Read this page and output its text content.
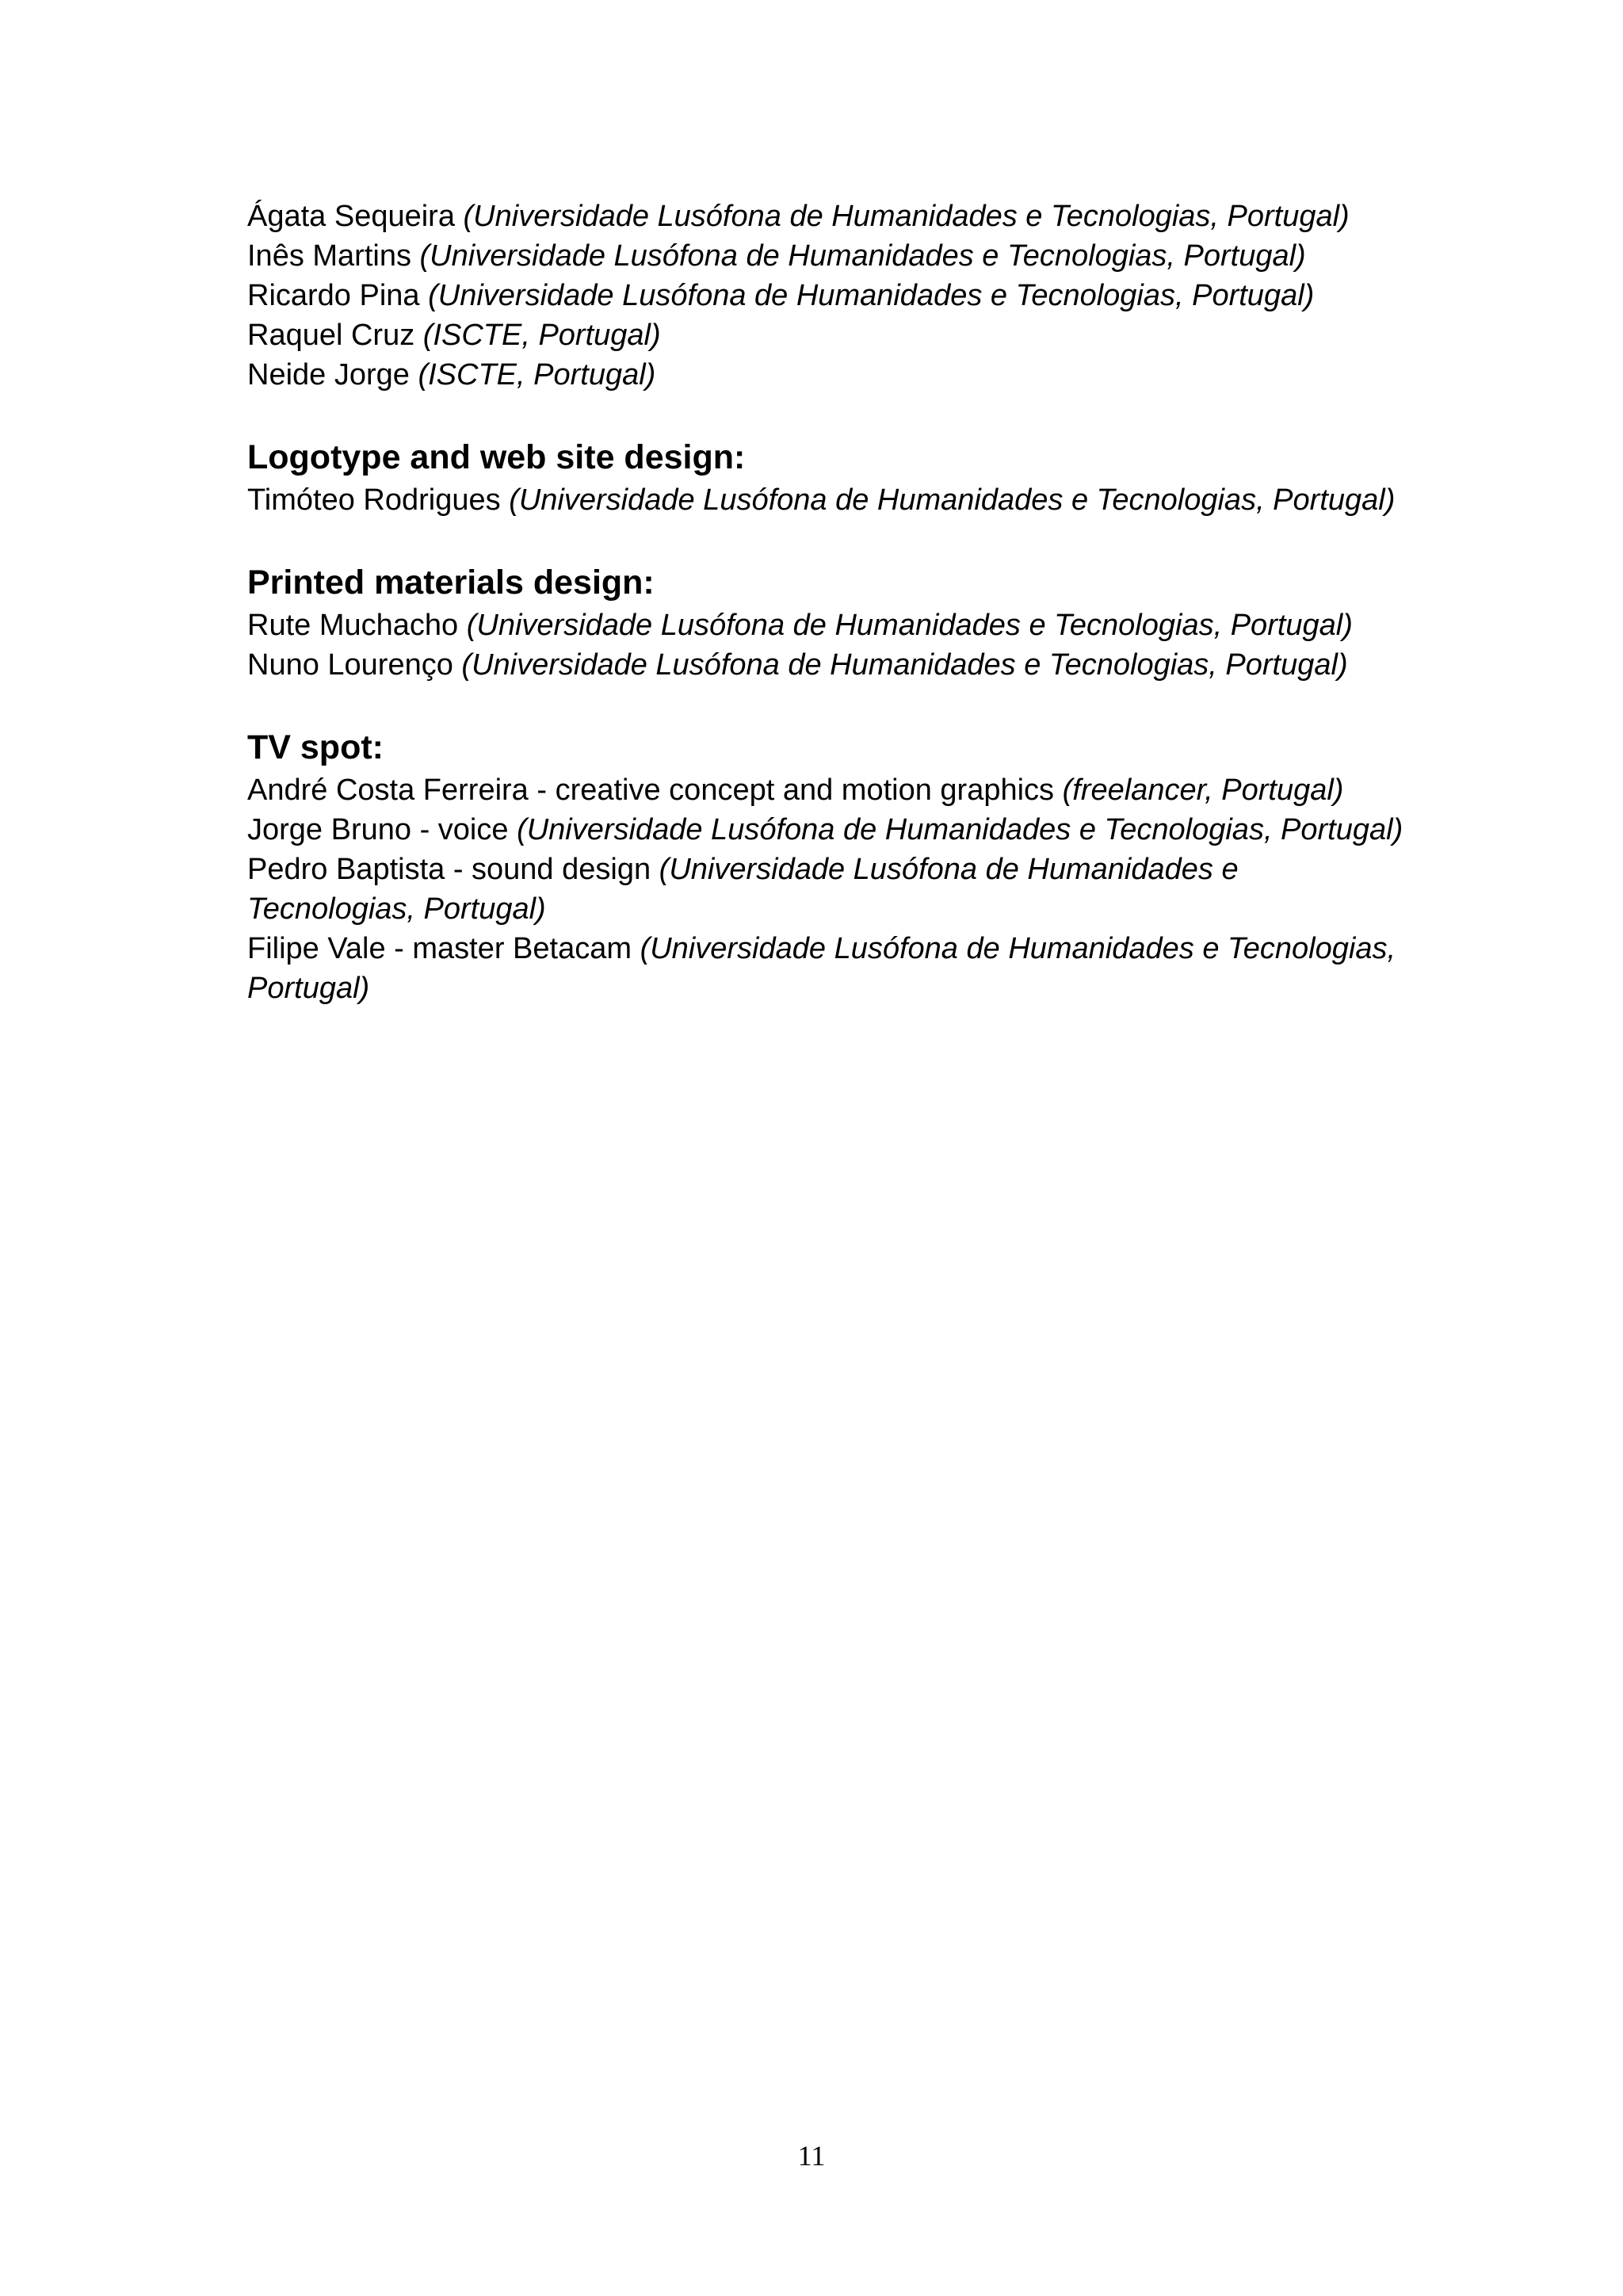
Ágata Sequeira (Universidade Lusófona de Humanidades e Tecnologias, Portugal)

Inês Martins (Universidade Lusófona de Humanidades e Tecnologias, Portugal)

Ricardo Pina (Universidade Lusófona de Humanidades e Tecnologias, Portugal)

Raquel Cruz (ISCTE, Portugal)

Neide Jorge (ISCTE, Portugal)

Logotype and web site design:

Timóteo Rodrigues (Universidade Lusófona de Humanidades e Tecnologias, Portugal)

Printed materials design:

Rute Muchacho (Universidade Lusófona de Humanidades e Tecnologias, Portugal)

Nuno Lourenço (Universidade Lusófona de Humanidades e Tecnologias, Portugal)

TV spot:

André Costa Ferreira - creative concept and motion graphics (freelancer, Portugal)

Jorge Bruno - voice (Universidade Lusófona de Humanidades e Tecnologias, Portugal)

Pedro Baptista - sound design (Universidade Lusófona de Humanidades e Tecnologias, Portugal)

Filipe Vale - master Betacam (Universidade Lusófona de Humanidades e Tecnologias, Portugal)

11
